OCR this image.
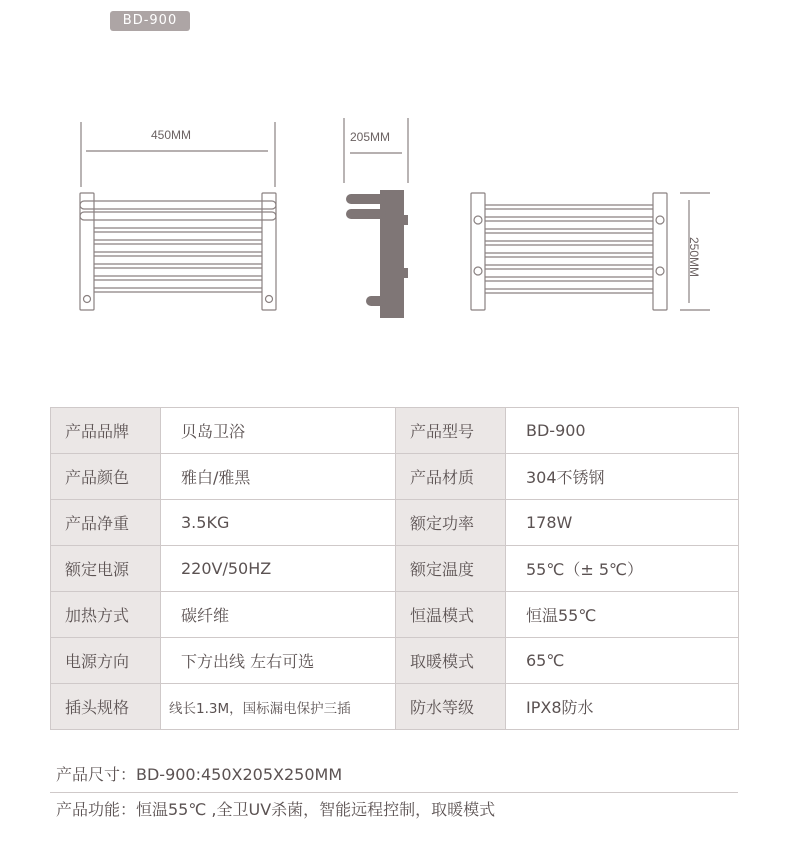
BD-900
450MM	205MM
250MM
产品品牌	贝岛卫浴	产品型号	BD-900
产品颜色	雅白/雅黑	产品材质	304不锈钢
产品净重	3.5KG	额定功率	178W
额定电源	220V/50HZ	额定温度	55℃（± 5℃）
加热方式	碳纤维	恒温模式	恒温55℃
电源方向	下方出线 左右可选	取暖模式	65℃
插头规格	线长1.3M，国标漏电保护三插	防水等级	IPX8防水
产品尺寸：BD-900:450X205X250MM
产品功能：恒温55℃ ,全卫UV杀菌，智能远程控制，取暖模式
